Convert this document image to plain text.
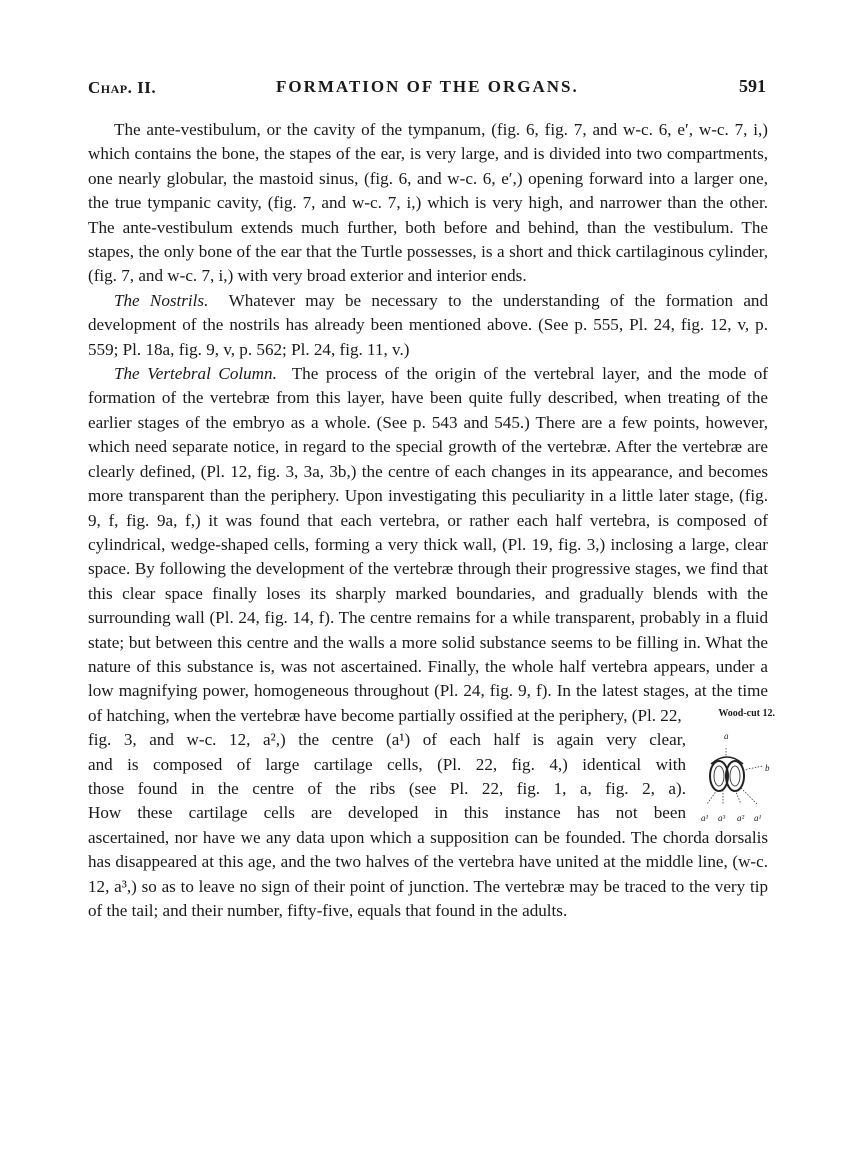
Chap. II.	FORMATION OF THE ORGANS.	591

The ante-vestibulum, or the cavity of the tympanum, (fig. 6, fig. 7, and w-c. 6, e′, w-c. 7, i,) which contains the bone, the stapes of the ear, is very large, and is divided into two compartments, one nearly globular, the mastoid sinus, (fig. 6, and w-c. 6, e′,) opening forward into a larger one, the true tympanic cavity, (fig. 7, and w-c. 7, i,) which is very high, and narrower than the other. The ante-vestibulum extends much further, both before and behind, than the vestibulum. The stapes, the only bone of the ear that the Turtle possesses, is a short and thick cartilaginous cylinder, (fig. 7, and w-c. 7, i,) with very broad exterior and interior ends.

The Nostrils. Whatever may be necessary to the understanding of the formation and development of the nostrils has already been mentioned above. (See p. 555, Pl. 24, fig. 12, v, p. 559; Pl. 18a, fig. 9, v, p. 562; Pl. 24, fig. 11, v.)

The Vertebral Column. The process of the origin of the vertebral layer, and the mode of formation of the vertebræ from this layer, have been quite fully described, when treating of the earlier stages of the embryo as a whole. (See p. 543 and 545.) There are a few points, however, which need separate notice, in regard to the special growth of the vertebræ. After the vertebræ are clearly defined, (Pl. 12, fig. 3, 3a, 3b,) the centre of each changes in its appearance, and becomes more transparent than the periphery. Upon investigating this peculiarity in a little later stage, (fig. 9, f, fig. 9a, f,) it was found that each vertebra, or rather each half vertebra, is composed of cylindrical, wedge-shaped cells, forming a very thick wall, (Pl. 19, fig. 3,) inclosing a large, clear space. By following the development of the vertebræ through their progressive stages, we find that this clear space finally loses its sharply marked boundaries, and gradually blends with the surrounding wall (Pl. 24, fig. 14, f). The centre remains for a while transparent, probably in a fluid state; but between this centre and the walls a more solid substance seems to be filling in. What the nature of this substance is, was not ascertained. Finally, the whole half vertebra appears, under a low magnifying power, homogeneous throughout (Pl. 24, fig. 9, f). In the latest stages, at the time of hatching, when the vertebræ have become partially ossified at the periphery, (Pl. 22,

fig. 3, and w-c. 12, a²,) the centre (a¹) of each half is again very clear,
and is composed of large cartilage cells, (Pl. 22, fig. 4,) identical with
those found in the centre of the ribs (see Pl. 22, fig. 1, a, fig. 2, a).
How these cartilage cells are developed in this instance has not been
Wood-cut 12.
a
b
a¹ a³ a² a¹

ascertained, nor have we any data upon which a supposition can be founded. The chorda dorsalis has disappeared at this age, and the two halves of the vertebra have united at the middle line, (w-c. 12, a³,) so as to leave no sign of their point of junction. The vertebræ may be traced to the very tip of the tail; and their number, fifty-five, equals that found in the adults.
